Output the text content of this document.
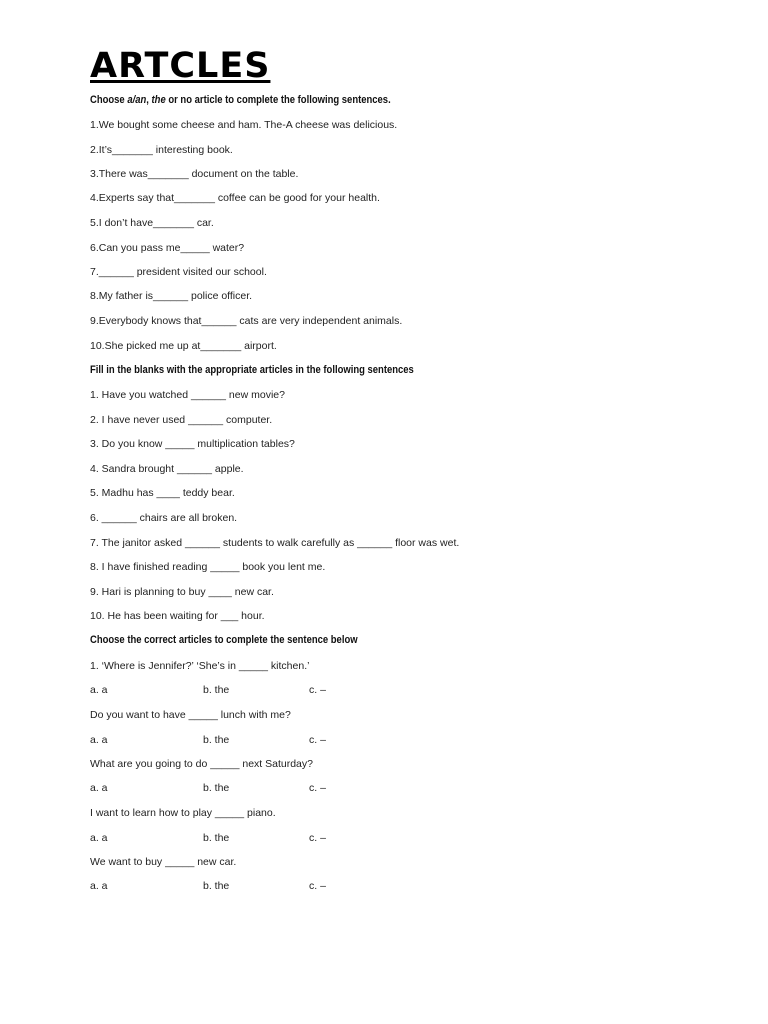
ARTCLES
Choose a/an, the or no article to complete the following sentences.
1.We bought some cheese and ham. The-A cheese was delicious.
2.It’s_______ interesting book.
3.There was_______ document on the table.
4.Experts say that_______ coffee can be good for your health.
5.I don’t have_______ car.
6.Can you pass me_____ water?
7.______ president visited our school.
8.My father is______ police officer.
9.Everybody knows that______ cats are very independent animals.
10.She picked me up at_______ airport.
Fill in the blanks with the appropriate articles in the following sentences
1. Have you watched ______ new movie?
2. I have never used ______ computer.
3. Do you know _____ multiplication tables?
4. Sandra brought ______ apple.
5. Madhu has ____ teddy bear.
6. ______ chairs are all broken.
7. The janitor asked ______ students to walk carefully as ______ floor was wet.
8. I have finished reading _____ book you lent me.
9. Hari is planning to buy ____ new car.
10. He has been waiting for ___ hour.
Choose the correct articles to complete the sentence below
1. ‘Where is Jennifer?’ ‘She’s in _____ kitchen.’
a. a	b. the	c. –
Do you want to have _____ lunch with me?
a. a	b. the	c. –
What are you going to do _____ next Saturday?
a. a	b. the	c. –
I want to learn how to play _____ piano.
a. a	b. the	c. –
We want to buy _____ new car.
a. a	b. the	c. –
